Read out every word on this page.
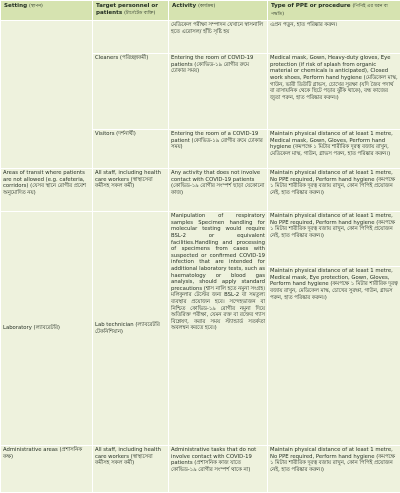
Setting (স্থাপন)	Target personnel or patients (টার্গেটেড ব্যক্তি)	Activity (কার্যক্রম)	Type of PPE or procedure (পিপিই এর ধরন বা পদ্ধতি)
		মেডিকেল পরীক্ষা সম্পাদন যেখানে স্বাসনালি হতে এরোসল/ হাঁচি সৃষ্টি হয়	এপ্রন পড়ুন, হাত পরিষ্কার করুন।
	Cleaners (পরিচ্ছন্নকর্মী)	Entering the room of COVID-19 patients (কোভিড-১৯ রোগীর রুমে ঢোকার সময়)	Medical mask, Gown, Heavy-duty gloves, Eye protection (if risk of splash from organic material or chemicals is anticipated), Closed work shoes, Perform hand hygiene (মেডিকেল মাস্ক, গাউন, ভারী ডিউটি গ্লাভস, চোখের সুরক্ষা (যদি জৈব পদার্থ বা রাসায়নিক থেকে ছিটে পড়ার ঝুঁকি থাকে), বন্ধ কাজের জুতা পরুন, হাত পরিষ্কার করুন।)
	Visitors (দর্শনার্থী)	Entering the room of a COVID-19 patient (কোভিড-১৯ রোগীর রুমে ঢোকার সময়)	Maintain physical distance of at least 1 metre, Medical mask, Gown, Gloves, Perform hand hygiene (কমপক্ষে ১ মিটার শারীরিক দূরত্ব বজায় রাখুন, মেডিকেল মাস্ক, গাউন, গ্লাভস পরুন, হাত পরিষ্কার করুন।)
Areas of transit where patients are not allowed (e.g. cafeteria, corridors) (যেসব স্থানে রোগীর প্রবেশ অনুমোদিত নয়)	All staff, including health care workers (স্বাস্থ্যসেবা কর্মীসহ সকল কর্মী)	Any activity that does not involve contact with COVID-19 patients (কোভিড-১৯ রোগীর সংস্পর্শ ছাড়া যেকোনো কাজ)	Maintain physical distance of at least 1 metre, No PPE required, Perform hand hygiene (কমপক্ষে ১ মিটার শারীরিক দূরত্ব বজায় রাখুন, কোন পিপিই প্রয়োজন নেই, হাত পরিষ্কার করুন।)
Laboratory (ল্যাবরেটরি)	Lab technician (ল্যাবরেটরি টেকনিশিয়ান)	Manipulation of respiratory samples Specimen handling for molecular testing would require BSL-2 or equivalent facilities.Handling and processing of specimens from cases with suspected or confirmed COVID-19 infection that are intended for additional laboratory tests, such as haematology or blood gas analysis, should apply standard precautions (শ্বাস নালি হতে নমুনা সংগ্রহ। মলিকুলার টেস্টের জন্য BSL-2 বা সমতুল্য ব্যবস্থার প্রয়োজন হবে। সন্দেহভাজন বা নিশ্চিত কোভিড-১৯ রোগীর নমুনা দিয়ে অতিরিক্ত পরীক্ষা, যেমন রক্ত বা রক্তের গ্যাস বিশ্লেষণ, করার সময় স্ট্যান্ডার্ড সতর্কতা অবলম্বন করতে হবে।)	Maintain physical distance of at least 1 metre, No PPE required, Perform hand hygiene (কমপক্ষে ১ মিটার শারীরিক দূরত্ব বজায় রাখুন, কোন পিপিই প্রয়োজন নেই, হাত পরিষ্কার করুন।)
			Maintain physical distance of at least 1 metre, Medical mask, Eye protection, Gown, Gloves, Perform hand hygiene (কমপক্ষে ১ মিটার শারীরিক দূরত্ব বজায় রাখুন, মেডিকেল মাস্ক, চোখের সুরক্ষা, গাউন, গ্লাভস পরুন, হাত পরিষ্কার করুন।)
Administrative areas (প্রশাসনিক কক্ষ)	All staff, including health care workers (স্বাস্থ্যসেবা কর্মীসহ সকল কর্মী)	Administrative tasks that do not involve contact with COVID-19 patients (প্রশাসনিক কাজ যাতে কোভিড-১৯ রোগীর সংস্পর্শ থাকে না)	Maintain physical distance of at least 1 metre, No PPE required, Perform hand hygiene (কমপক্ষে ১ মিটার শারীরিক দূরত্ব বজায় রাখুন, কোন পিপিই প্রয়োজন নেই, হাত পরিষ্কার করুন।)
